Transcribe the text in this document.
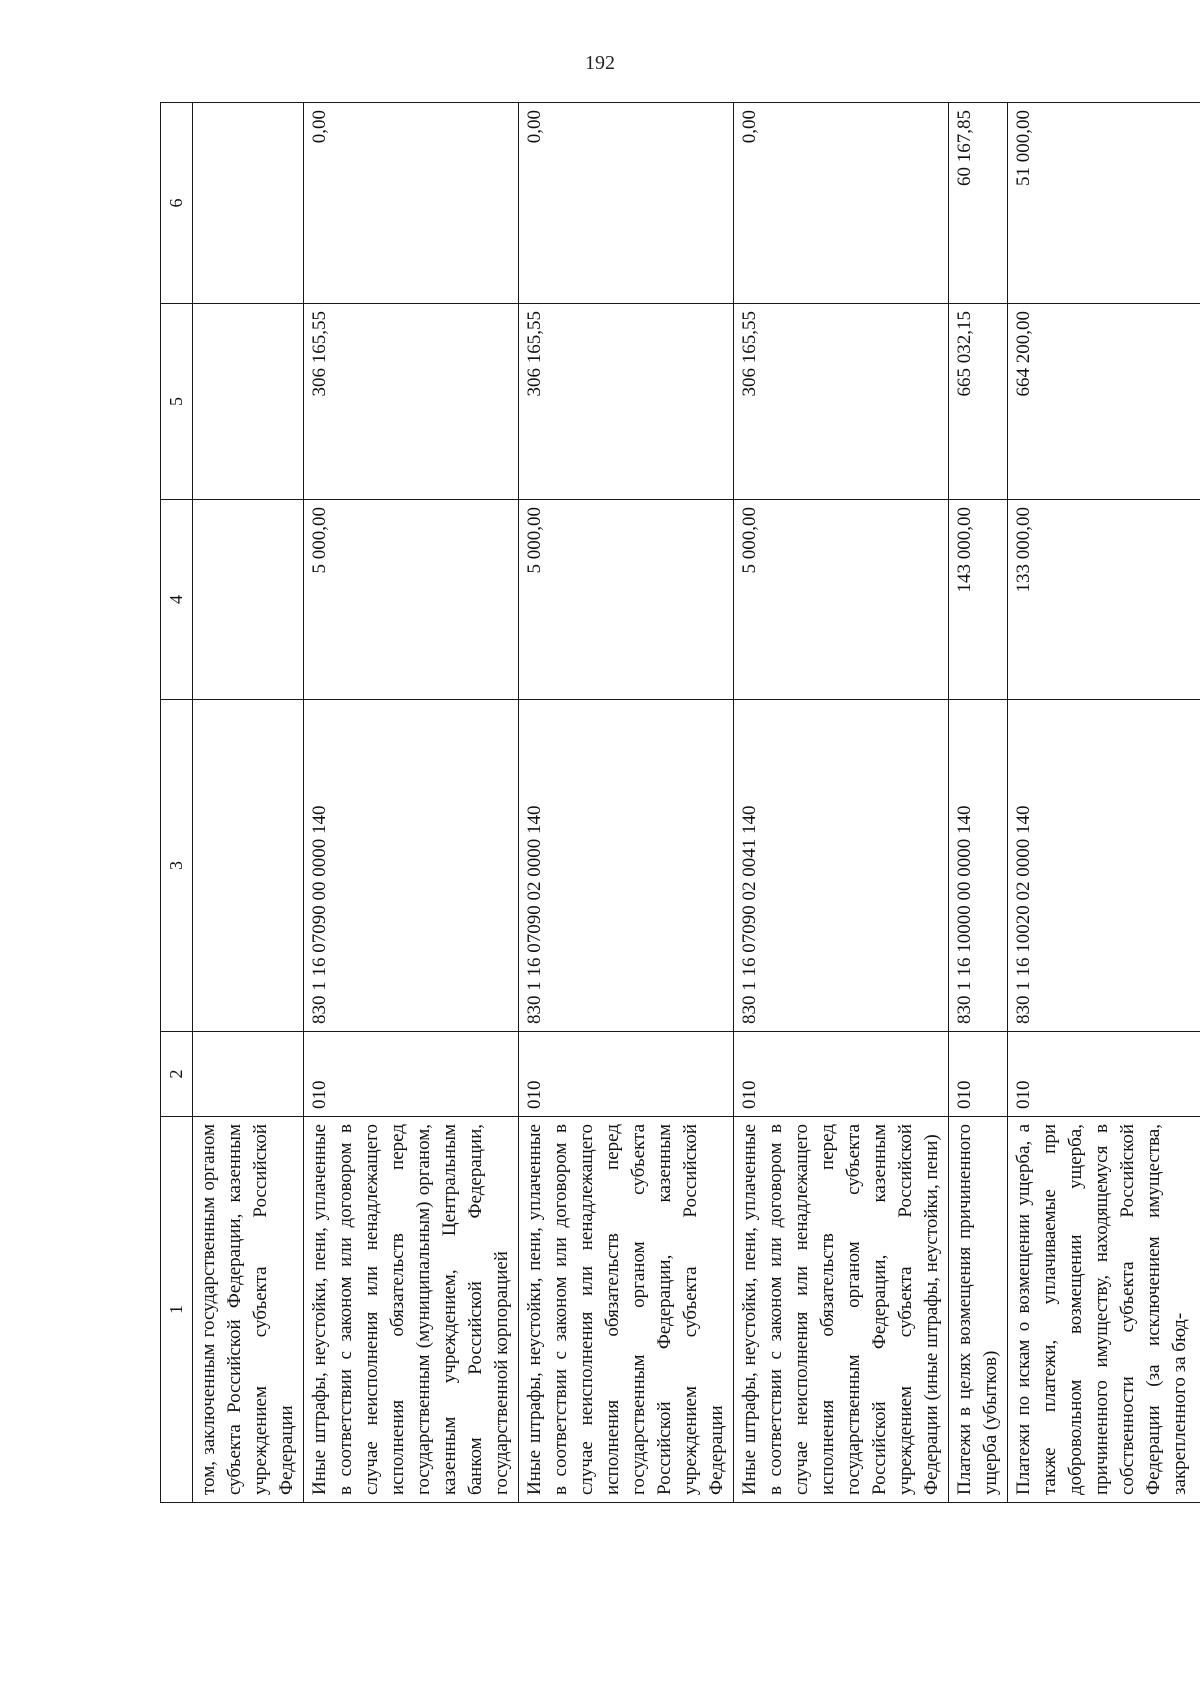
192
1	2	3	4	5	6
том, заключенным государственным органом субъекта Российской Федерации, казенным учреждением субъекта Российской Федерации					
Иные штрафы, неустойки, пени, уплаченные в соответствии с законом или договором в случае неисполнения или ненадлежащего исполнения обязательств перед государственным (муниципальным) органом, казенным учреждением, Центральным банком Российской Федерации, государственной корпорацией	010	830 1 16 07090 00 0000 140	5 000,00	306 165,55	0,00
Иные штрафы, неустойки, пени, уплаченные в соответствии с законом или договором в случае неисполнения или ненадлежащего исполнения обязательств перед государственным органом субъекта Российской Федерации, казенным учреждением субъекта Российской Федерации	010	830 1 16 07090 02 0000 140	5 000,00	306 165,55	0,00
Иные штрафы, неустойки, пени, уплаченные в соответствии с законом или договором в случае неисполнения или ненадлежащего исполнения обязательств перед государственным органом субъекта Российской Федерации, казенным учреждением субъекта Российской Федерации (иные штрафы, неустойки, пени)	010	830 1 16 07090 02 0041 140	5 000,00	306 165,55	0,00
Платежи в целях возмещения причиненного ущерба (убытков)	010	830 1 16 10000 00 0000 140	143 000,00	665 032,15	60 167,85
Платежи по искам о возмещении ущерба, а также платежи, уплачиваемые при добровольном возмещении ущерба, причиненного имуществу, находящемуся в собственности субъекта Российской Федерации (за исключением имущества, закрепленного за бюд-	010	830 1 16 10020 02 0000 140	133 000,00	664 200,00	51 000,00
